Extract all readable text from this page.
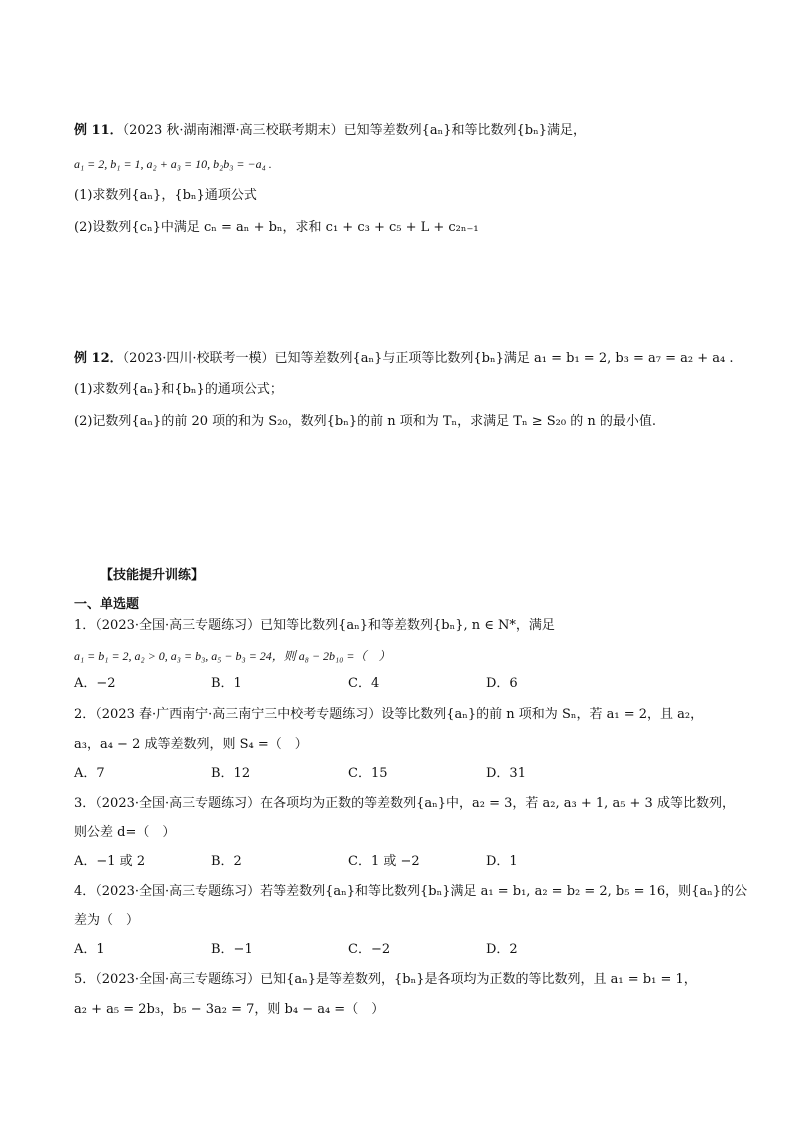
例 11．（2023 秋·湖南湘潭·高三校联考期末）已知等差数列{aₙ}和等比数列{bₙ}满足，
a₁ = 2, b₁ = 1, a₂ + a₃ = 10, b₂b₃ = −a₄ .
(1)求数列{aₙ}，{bₙ}通项公式
(2)设数列{cₙ}中满足 cₙ = aₙ + bₙ，求和 c₁ + c₃ + c₅ + L + c₂ₙ₋₁
例 12．（2023·四川·校联考一模）已知等差数列{aₙ}与正项等比数列{bₙ}满足 a₁ = b₁ = 2, b₃ = a₇ = a₂ + a₄ .
(1)求数列{aₙ}和{bₙ}的通项公式；
(2)记数列{aₙ}的前 20 项的和为 S₂₀，数列{bₙ}的前 n 项和为 Tₙ，求满足 Tₙ ≥ S₂₀ 的 n 的最小值.
【技能提升训练】
一、单选题
1．（2023·全国·高三专题练习）已知等比数列{aₙ}和等差数列{bₙ}, n ∈ N*，满足
a₁ = b₁ = 2, a₂ > 0, a₃ = b₃, a₅ − b₃ = 24，则 a₈ − 2b₁₀ =（　）
A．−2	B．1	C．4	D．6
2．（2023 春·广西南宁·高三南宁三中校考专题练习）设等比数列{aₙ}的前 n 项和为 Sₙ，若 a₁ = 2，且 a₂，
a₃，a₄ − 2 成等差数列，则 S₄ =（　）
A．7	B．12	C．15	D．31
3．（2023·全国·高三专题练习）在各项均为正数的等差数列{aₙ}中，a₂ = 3，若 a₂, a₃ + 1, a₅ + 3 成等比数列，
则公差 d=（　）
A．−1 或 2	B．2	C．1 或 −2	D．1
4．（2023·全国·高三专题练习）若等差数列{aₙ}和等比数列{bₙ}满足 a₁ = b₁, a₂ = b₂ = 2, b₅ = 16，则{aₙ}的公
差为（　）
A．1	B．−1	C．−2	D．2
5．（2023·全国·高三专题练习）已知{aₙ}是等差数列，{bₙ}是各项均为正数的等比数列，且 a₁ = b₁ = 1，
a₂ + a₅ = 2b₃，b₅ − 3a₂ = 7，则 b₄ − a₄ =（　）
